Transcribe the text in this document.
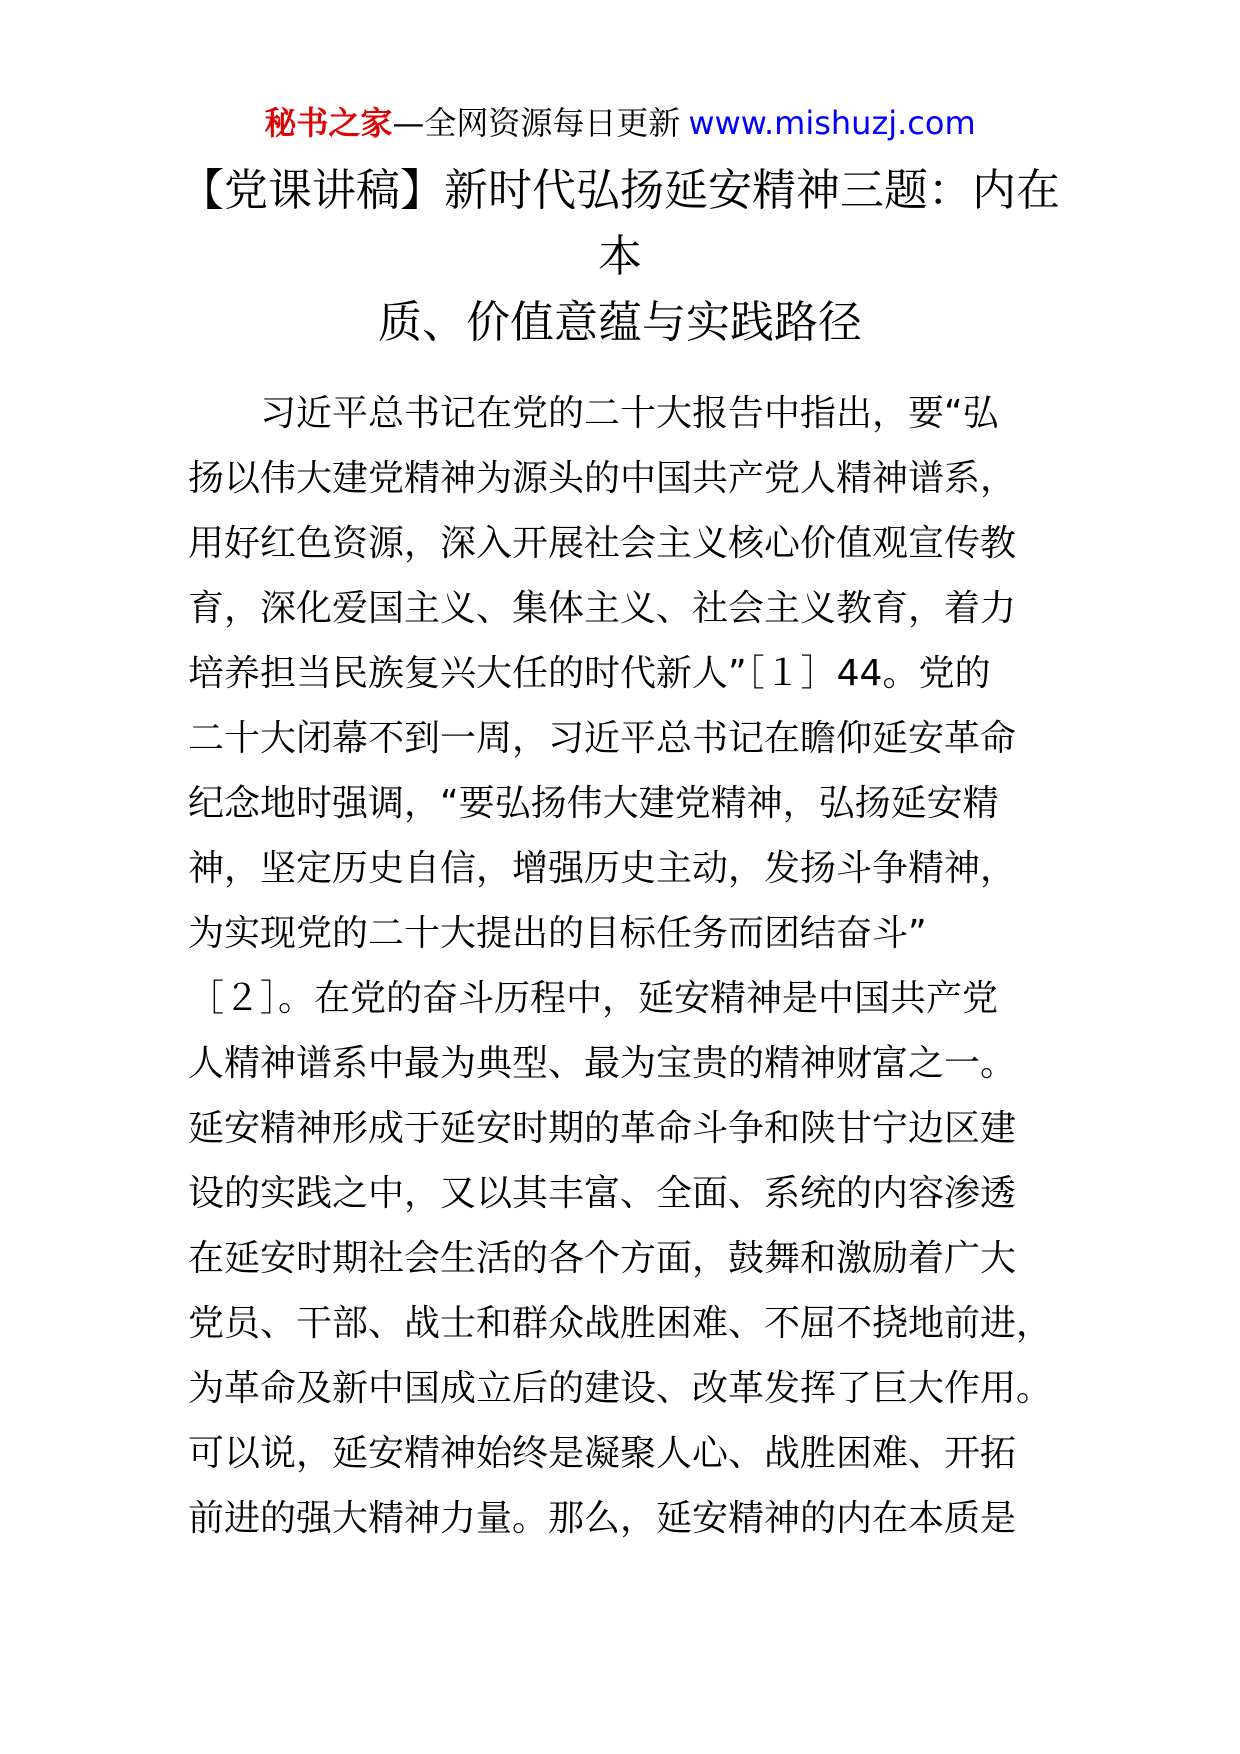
秘书之家—全网资源每日更新 www.mishuzj.com
【党课讲稿】新时代弘扬延安精神三题：内在本
质、价值意蕴与实践路径
　　习近平总书记在党的二十大报告中指出，要“弘
扬以伟大建党精神为源头的中国共产党人精神谱系，
用好红色资源，深入开展社会主义核心价值观宣传教
育，深化爱国主义、集体主义、社会主义教育，着力
培养担当民族复兴大任的时代新人”［１］44。党的
二十大闭幕不到一周，习近平总书记在瞻仰延安革命
纪念地时强调，“要弘扬伟大建党精神，弘扬延安精
神，坚定历史自信，增强历史主动，发扬斗争精神，
为实现党的二十大提出的目标任务而团结奋斗”
［２］。在党的奋斗历程中，延安精神是中国共产党
人精神谱系中最为典型、最为宝贵的精神财富之一。
延安精神形成于延安时期的革命斗争和陕甘宁边区建
设的实践之中，又以其丰富、全面、系统的内容渗透
在延安时期社会生活的各个方面，鼓舞和激励着广大
党员、干部、战士和群众战胜困难、不屈不挠地前进，
为革命及新中国成立后的建设、改革发挥了巨大作用。
可以说，延安精神始终是凝聚人心、战胜困难、开拓
前进的强大精神力量。那么，延安精神的内在本质是
